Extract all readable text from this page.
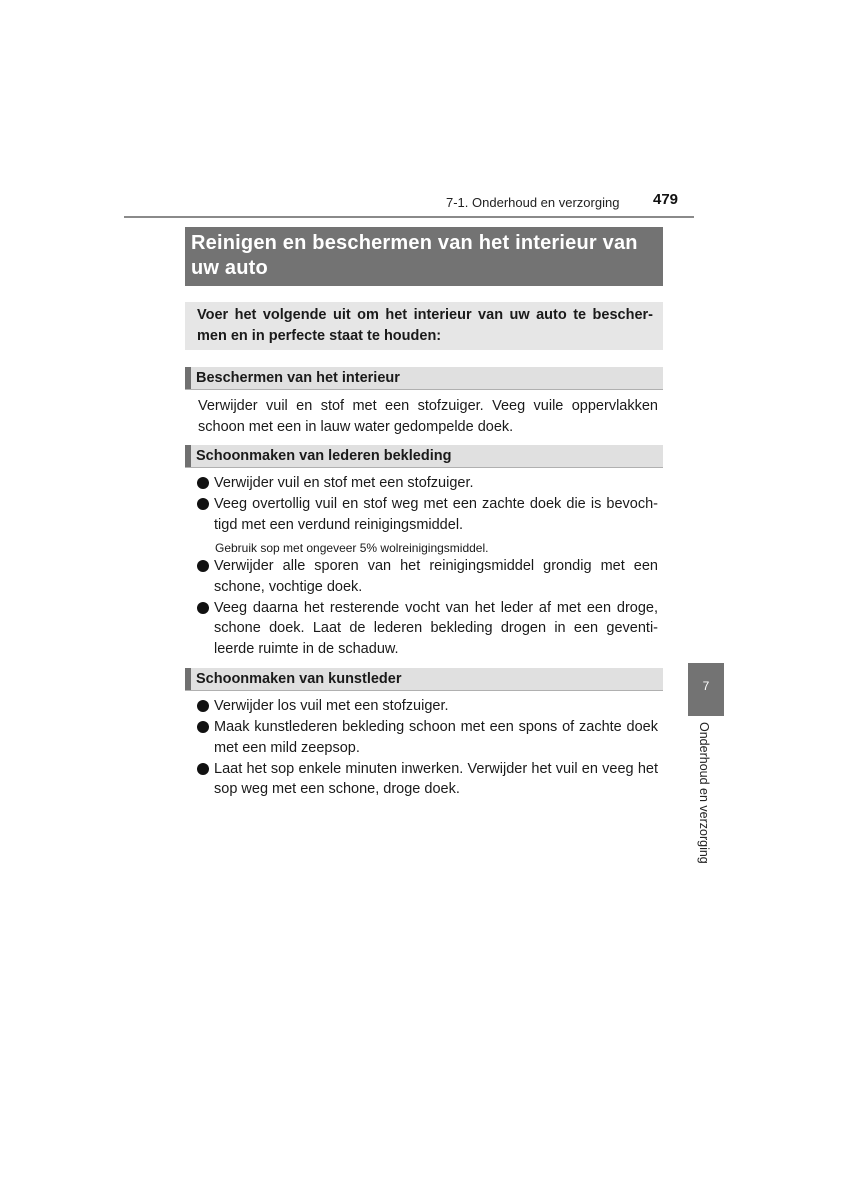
7-1. Onderhoud en verzorging 479
Reinigen en beschermen van het interieur van uw auto
Voer het volgende uit om het interieur van uw auto te bescher-men en in perfecte staat te houden:
Beschermen van het interieur
Verwijder vuil en stof met een stofzuiger. Veeg vuile oppervlakken schoon met een in lauw water gedompelde doek.
Schoonmaken van lederen bekleding
Verwijder vuil en stof met een stofzuiger.
Veeg overtollig vuil en stof weg met een zachte doek die is bevoch-tigd met een verdund reinigingsmiddel.
Gebruik sop met ongeveer 5% wolreinigingsmiddel.
Verwijder alle sporen van het reinigingsmiddel grondig met een schone, vochtige doek.
Veeg daarna het resterende vocht van het leder af met een droge, schone doek. Laat de lederen bekleding drogen in een geventi-leerde ruimte in de schaduw.
Schoonmaken van kunstleder
Verwijder los vuil met een stofzuiger.
Maak kunstlederen bekleding schoon met een spons of zachte doek met een mild zeepsop.
Laat het sop enkele minuten inwerken. Verwijder het vuil en veeg het sop weg met een schone, droge doek.
7
Onderhoud en verzorging
